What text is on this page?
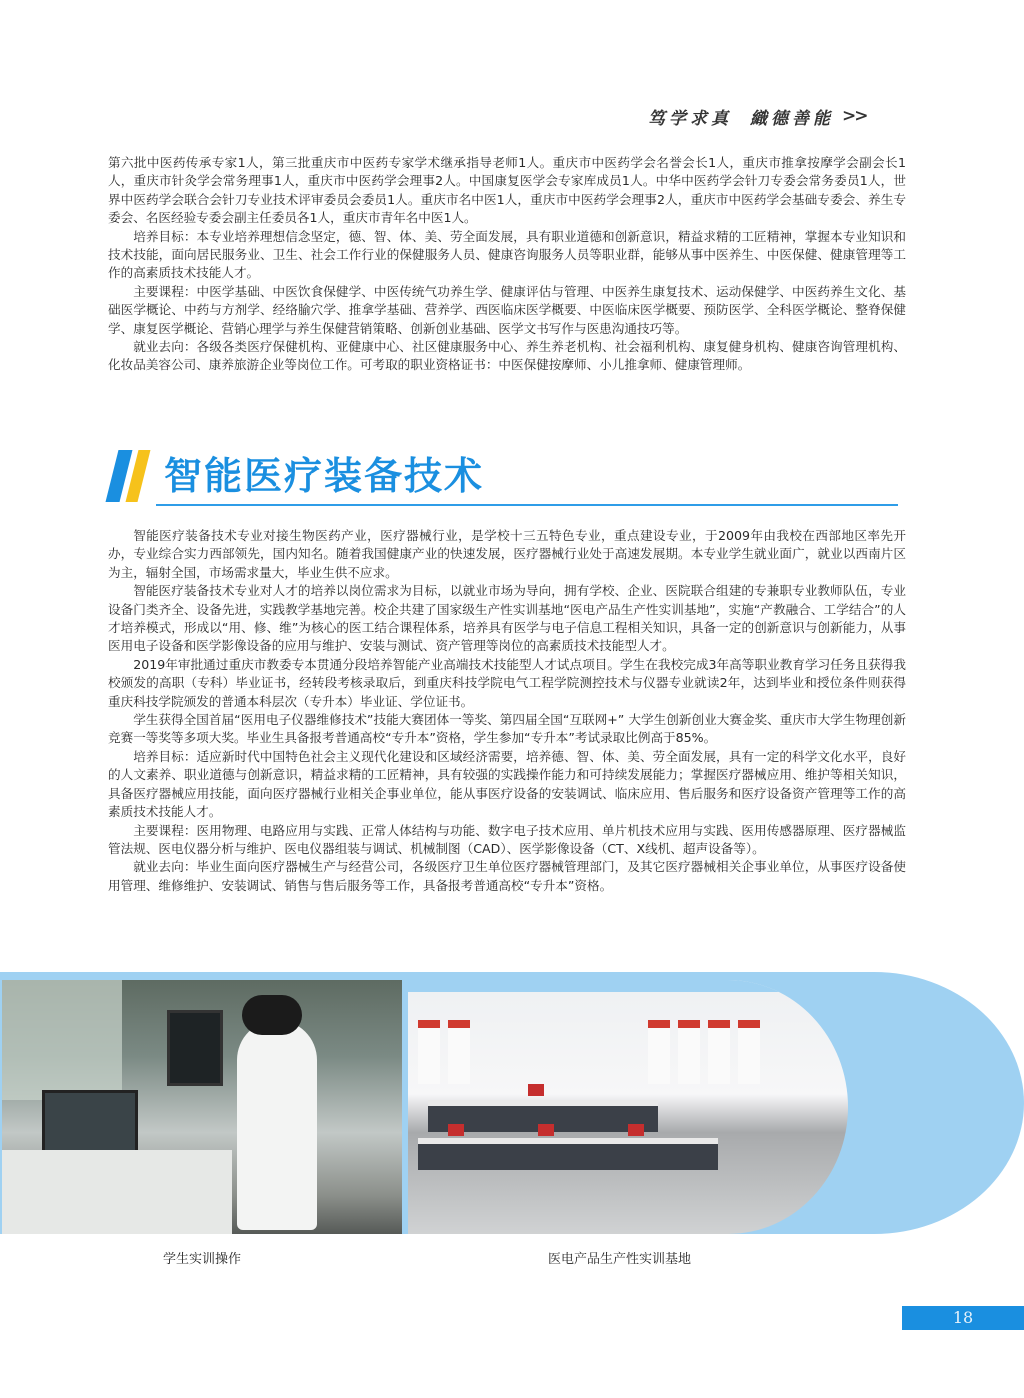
笃学求真 織德善能 >>

第六批中医药传承专家1人，第三批重庆市中医药专家学术继承指导老师1人。重庆市中医药学会名誉会长1人，重庆市推拿按摩学会副会长1人，重庆市针灸学会常务理事1人，重庆市中医药学会理事2人。中国康复医学会专家库成员1人。中华中医药学会针刀专委会常务委员1人，世界中医药学会联合会针刀专业技术评审委员会委员1人。重庆市名中医1人，重庆市中医药学会理事2人，重庆市中医药学会基础专委会、养生专委会、名医经验专委会副主任委员各1人，重庆市青年名中医1人。

培养目标：本专业培养理想信念坚定，德、智、体、美、劳全面发展，具有职业道德和创新意识，精益求精的工匠精神，掌握本专业知识和技术技能，面向居民服务业、卫生、社会工作行业的保健服务人员、健康咨询服务人员等职业群，能够从事中医养生、中医保健、健康管理等工作的高素质技术技能人才。

主要课程：中医学基础、中医饮食保健学、中医传统气功养生学、健康评估与管理、中医养生康复技术、运动保健学、中医药养生文化、基础医学概论、中药与方剂学、经络腧穴学、推拿学基础、营养学、西医临床医学概要、中医临床医学概要、预防医学、全科医学概论、整脊保健学、康复医学概论、营销心理学与养生保健营销策略、创新创业基础、医学文书写作与医患沟通技巧等。

就业去向：各级各类医疗保健机构、亚健康中心、社区健康服务中心、养生养老机构、社会福利机构、康复健身机构、健康咨询管理机构、化妆品美容公司、康养旅游企业等岗位工作。可考取的职业资格证书：中医保健按摩师、小儿推拿师、健康管理师。

智能医疗装备技术

智能医疗装备技术专业对接生物医药产业，医疗器械行业，是学校十三五特色专业，重点建设专业，于2009年由我校在西部地区率先开办，专业综合实力西部领先，国内知名。随着我国健康产业的快速发展，医疗器械行业处于高速发展期。本专业学生就业面广，就业以西南片区为主，辐射全国，市场需求量大，毕业生供不应求。

智能医疗装备技术专业对人才的培养以岗位需求为目标，以就业市场为导向，拥有学校、企业、医院联合组建的专兼职专业教师队伍，专业设备门类齐全、设备先进，实践教学基地完善。校企共建了国家级生产性实训基地“医电产品生产性实训基地”，实施“产教融合、工学结合”的人才培养模式，形成以“用、修、维”为核心的医工结合课程体系，培养具有医学与电子信息工程相关知识，具备一定的创新意识与创新能力，从事医用电子设备和医学影像设备的应用与维护、安装与测试、资产管理等岗位的高素质技术技能型人才。

2019年审批通过重庆市教委专本贯通分段培养智能产业高端技术技能型人才试点项目。学生在我校完成3年高等职业教育学习任务且获得我校颁发的高职（专科）毕业证书，经转段考核录取后，到重庆科技学院电气工程学院测控技术与仪器专业就读2年，达到毕业和授位条件则获得重庆科技学院颁发的普通本科层次（专升本）毕业证、学位证书。

学生获得全国首届“医用电子仪器维修技术”技能大赛团体一等奖、第四届全国“互联网+” 大学生创新创业大赛金奖、重庆市大学生物理创新竞赛一等奖等多项大奖。毕业生具备报考普通高校“专升本”资格，学生参加“专升本”考试录取比例高于85%。

培养目标：适应新时代中国特色社会主义现代化建设和区域经济需要，培养德、智、体、美、劳全面发展，具有一定的科学文化水平，良好的人文素养、职业道德与创新意识，精益求精的工匠精神，具有较强的实践操作能力和可持续发展能力；掌握医疗器械应用、维护等相关知识，具备医疗器械应用技能，面向医疗器械行业相关企事业单位，能从事医疗设备的安装调试、临床应用、售后服务和医疗设备资产管理等工作的高素质技术技能人才。

主要课程：医用物理、电路应用与实践、正常人体结构与功能、数字电子技术应用、单片机技术应用与实践、医用传感器原理、医疗器械监管法规、医电仪器分析与维护、医电仪器组装与调试、机械制图（CAD）、医学影像设备（CT、X线机、超声设备等）。

就业去向：毕业生面向医疗器械生产与经营公司，各级医疗卫生单位医疗器械管理部门，及其它医疗器械相关企事业单位，从事医疗设备使用管理、维修维护、安装调试、销售与售后服务等工作，具备报考普通高校“专升本”资格。

学生实训操作	医电产品生产性实训基地
18
